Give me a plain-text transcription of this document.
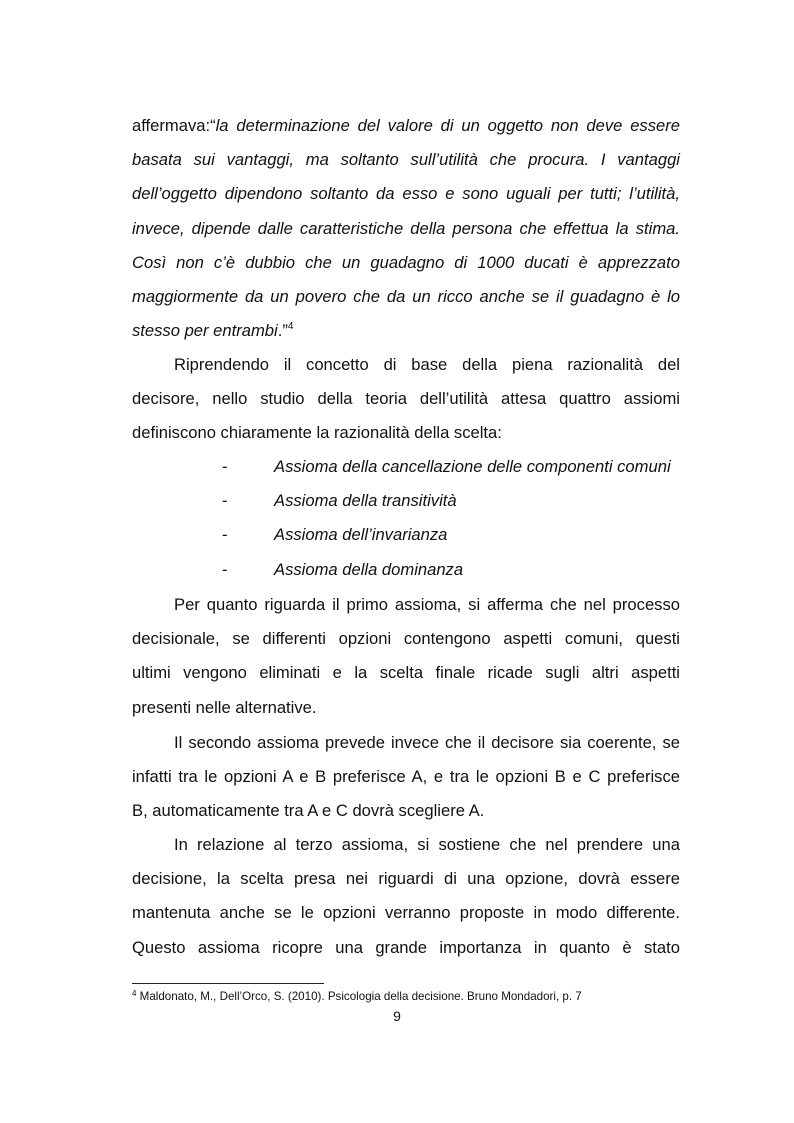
affermava:“la determinazione del valore di un oggetto non deve essere
basata sui vantaggi, ma soltanto sull’utilità che procura. I vantaggi
dell’oggetto dipendono soltanto da esso e sono uguali per tutti; l’utilità,
invece, dipende dalle caratteristiche della persona che effettua la stima.
Così non c’è dubbio che un guadagno di 1000 ducati è apprezzato
maggiormente da un povero che da un ricco anche se il guadagno è lo
stesso per entrambi.”$^4$
Riprendendo il concetto di base della piena razionalità del
decisore, nello studio della teoria dell’utilità attesa quattro assiomi
definiscono chiaramente la razionalità della scelta:
-	Assioma della cancellazione delle componenti comuni
-	Assioma della transitività
-	Assioma dell’invarianza
-	Assioma della dominanza
Per quanto riguarda il primo assioma, si afferma che nel processo
decisionale, se differenti opzioni contengono aspetti comuni, questi
ultimi vengono eliminati e la scelta finale ricade sugli altri aspetti
presenti nelle alternative.
Il secondo assioma prevede invece che il decisore sia coerente, se
infatti tra le opzioni A e B preferisce A, e tra le opzioni B e C preferisce
B, automaticamente tra A e C dovrà scegliere A.
In relazione al terzo assioma, si sostiene che nel prendere una
decisione, la scelta presa nei riguardi di una opzione, dovrà essere
mantenuta anche se le opzioni verranno proposte in modo differente.
Questo assioma ricopre una grande importanza in quanto è stato
$^4$ Maldonato, M., Dell’Orco, S. (2010). Psicologia della decisione. Bruno Mondadori, p. 7
9
